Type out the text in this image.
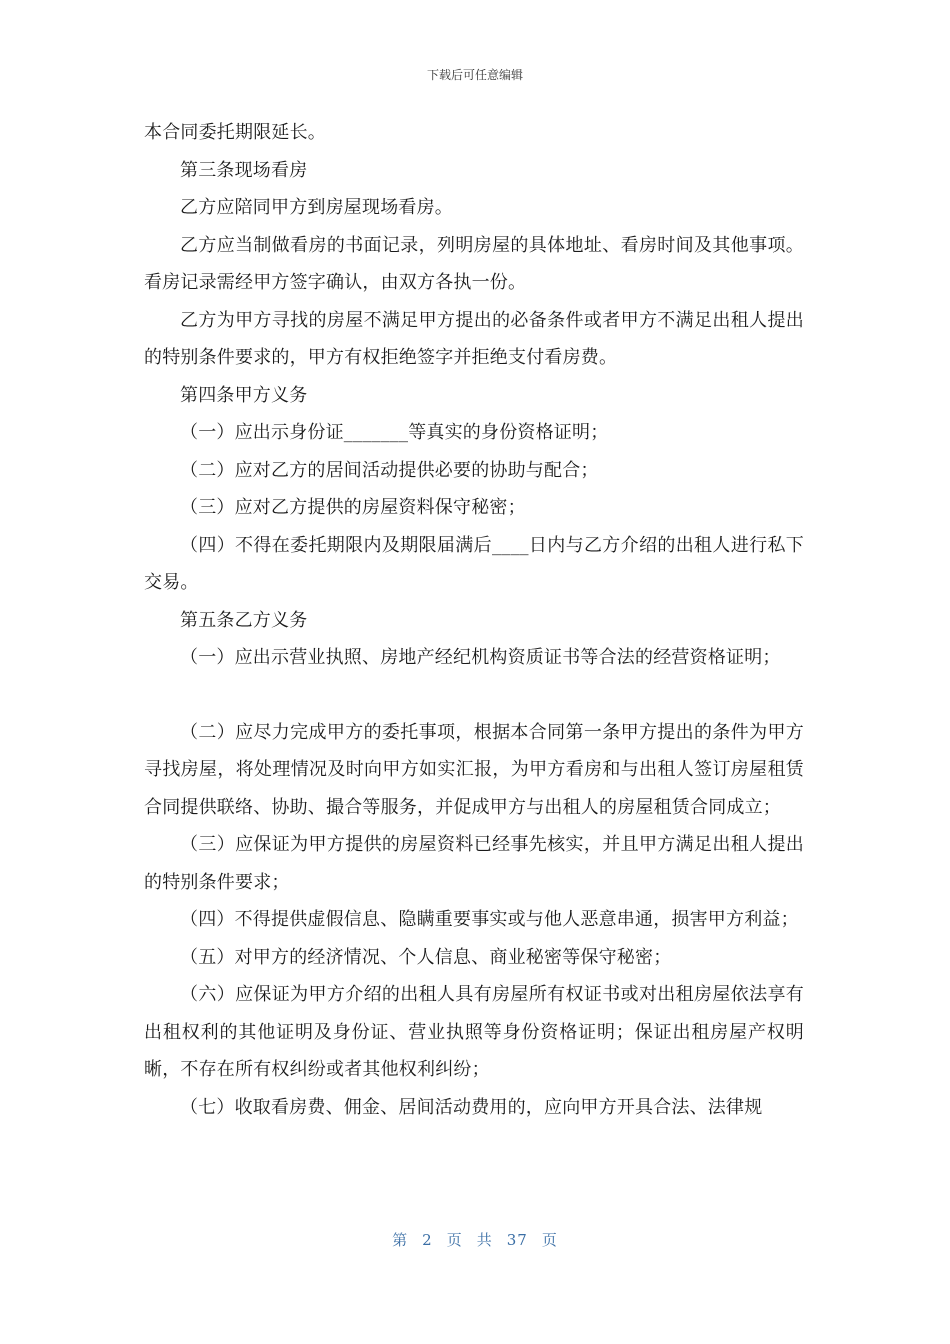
下载后可任意编辑

本合同委托期限延长。

第三条现场看房

乙方应陪同甲方到房屋现场看房。

乙方应当制做看房的书面记录，列明房屋的具体地址、看房时间及其他事项。看房记录需经甲方签字确认，由双方各执一份。

乙方为甲方寻找的房屋不满足甲方提出的必备条件或者甲方不满足出租人提出的特别条件要求的，甲方有权拒绝签字并拒绝支付看房费。

第四条甲方义务

（一）应出示身份证_______等真实的身份资格证明；

（二）应对乙方的居间活动提供必要的协助与配合；

（三）应对乙方提供的房屋资料保守秘密；

（四）不得在委托期限内及期限届满后____日内与乙方介绍的出租人进行私下交易。

第五条乙方义务

（一）应出示营业执照、房地产经纪机构资质证书等合法的经营资格证明；

（二）应尽力完成甲方的委托事项，根据本合同第一条甲方提出的条件为甲方寻找房屋，将处理情况及时向甲方如实汇报，为甲方看房和与出租人签订房屋租赁合同提供联络、协助、撮合等服务，并促成甲方与出租人的房屋租赁合同成立；

（三）应保证为甲方提供的房屋资料已经事先核实，并且甲方满足出租人提出的特别条件要求；

（四）不得提供虚假信息、隐瞒重要事实或与他人恶意串通，损害甲方利益；

（五）对甲方的经济情况、个人信息、商业秘密等保守秘密；

（六）应保证为甲方介绍的出租人具有房屋所有权证书或对出租房屋依法享有出租权利的其他证明及身份证、营业执照等身份资格证明；保证出租房屋产权明晰，不存在所有权纠纷或者其他权利纠纷；

（七）收取看房费、佣金、居间活动费用的，应向甲方开具合法、法律规

第 2 页 共 37 页
